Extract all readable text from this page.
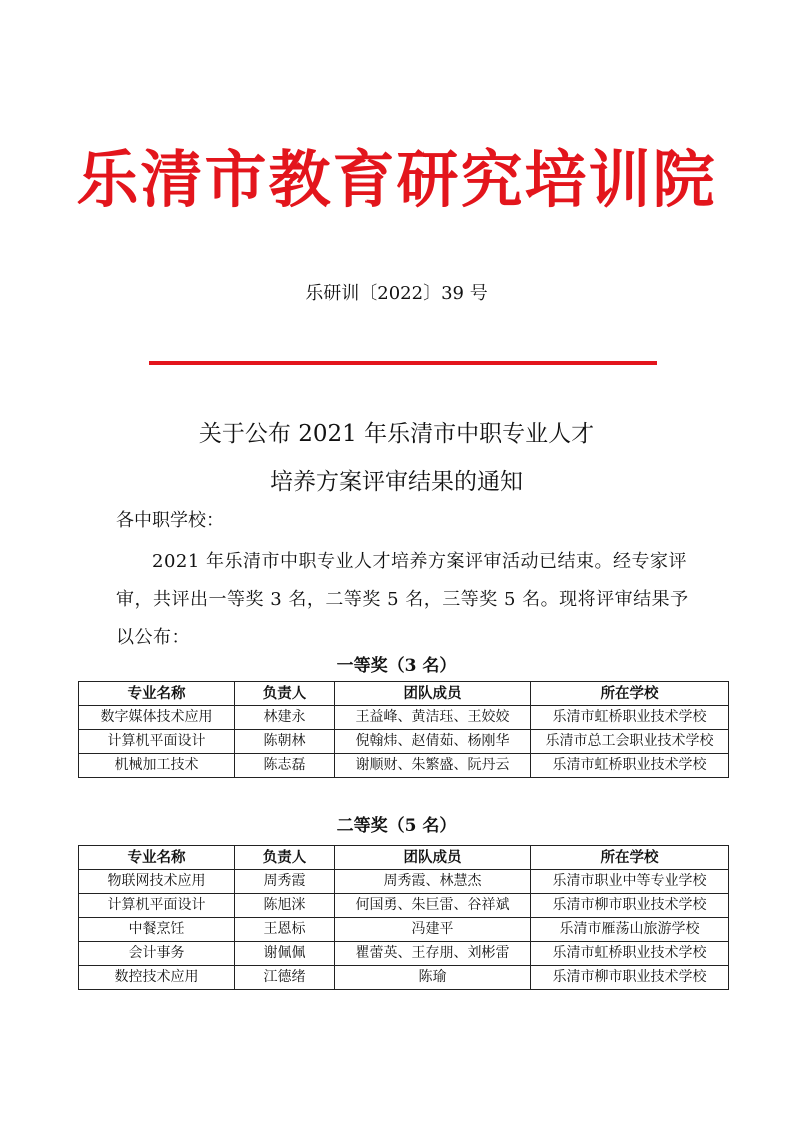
乐清市教育研究培训院
乐研训〔2022〕39 号
关于公布 2021 年乐清市中职专业人才
培养方案评审结果的通知
各中职学校：
2021 年乐清市中职专业人才培养方案评审活动已结束。经专家评审，共评出一等奖 3 名，二等奖 5 名，三等奖 5 名。现将评审结果予以公布：
一等奖（3 名）
专业名称	负责人	团队成员	所在学校
数字媒体技术应用	林建永	王益峰、黄洁珏、王姣姣	乐清市虹桥职业技术学校
计算机平面设计	陈朝林	倪翰炜、赵倩茹、杨刚华	乐清市总工会职业技术学校
机械加工技术	陈志磊	谢顺财、朱繁盛、阮丹云	乐清市虹桥职业技术学校
二等奖（5 名）
专业名称	负责人	团队成员	所在学校
物联网技术应用	周秀霞	周秀霞、林慧杰	乐清市职业中等专业学校
计算机平面设计	陈旭洣	何国勇、朱巨雷、谷祥斌	乐清市柳市职业技术学校
中餐烹饪	王恩标	冯建平	乐清市雁荡山旅游学校
会计事务	谢佩佩	瞿蕾英、王存朋、刘彬雷	乐清市虹桥职业技术学校
数控技术应用	江德绪	陈瑜	乐清市柳市职业技术学校
